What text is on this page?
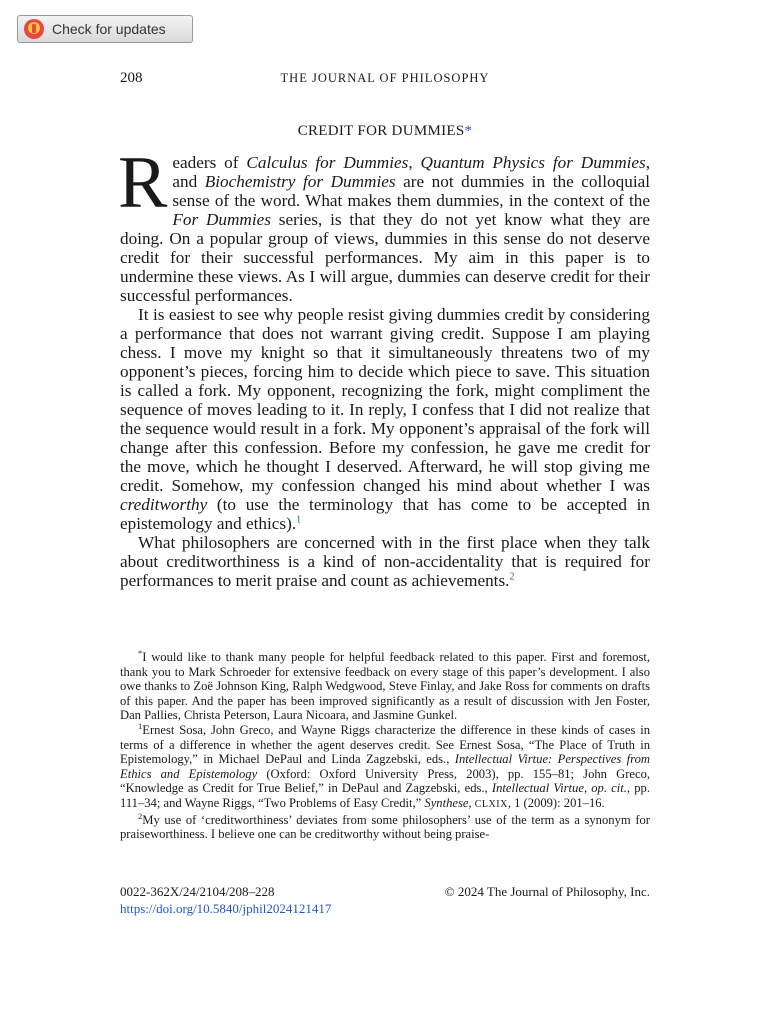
Check for updates
208	THE JOURNAL OF PHILOSOPHY
CREDIT FOR DUMMIES*

Readers of Calculus for Dummies, Quantum Physics for Dummies, and Biochemistry for Dummies are not dummies in the colloquial sense of the word. What makes them dummies, in the context of the For Dummies series, is that they do not yet know what they are doing. On a popular group of views, dummies in this sense do not deserve credit for their successful performances. My aim in this paper is to undermine these views. As I will argue, dummies can deserve credit for their successful performances.

It is easiest to see why people resist giving dummies credit by considering a performance that does not warrant giving credit. Suppose I am playing chess. I move my knight so that it simultaneously threatens two of my opponent’s pieces, forcing him to decide which piece to save. This situation is called a fork. My opponent, recognizing the fork, might compliment the sequence of moves leading to it. In reply, I confess that I did not realize that the sequence would result in a fork. My opponent’s appraisal of the fork will change after this confession. Before my confession, he gave me credit for the move, which he thought I deserved. Afterward, he will stop giving me credit. Somehow, my confession changed his mind about whether I was creditworthy (to use the terminology that has come to be accepted in epistemology and ethics).$^1$

What philosophers are concerned with in the first place when they talk about creditworthiness is a kind of non-accidentality that is required for performances to merit praise and count as achievements.$^2$

*I would like to thank many people for helpful feedback related to this paper. First and foremost, thank you to Mark Schroeder for extensive feedback on every stage of this paper’s development. I also owe thanks to Zoë Johnson King, Ralph Wedgwood, Steve Finlay, and Jake Ross for comments on drafts of this paper. And the paper has been improved significantly as a result of discussion with Jen Foster, Dan Pallies, Christa Peterson, Laura Nicoara, and Jasmine Gunkel.

$^1$Ernest Sosa, John Greco, and Wayne Riggs characterize the difference in these kinds of cases in terms of a difference in whether the agent deserves credit. See Ernest Sosa, “The Place of Truth in Epistemology,” in Michael DePaul and Linda Zagzebski, eds., Intellectual Virtue: Perspectives from Ethics and Epistemology (Oxford: Oxford University Press, 2003), pp. 155–81; John Greco, “Knowledge as Credit for True Belief,” in DePaul and Zagzebski, eds., Intellectual Virtue, op. cit., pp. 111–34; and Wayne Riggs, “Two Problems of Easy Credit,” Synthese, CLXIX, 1 (2009): 201–16.

$^2$My use of ‘creditworthiness’ deviates from some philosophers’ use of the term as a synonym for praiseworthiness. I believe one can be creditworthy without being praise-

0022-362X/24/2104/208–228	© 2024 The Journal of Philosophy, Inc.
https://doi.org/10.5840/jphil2024121417
